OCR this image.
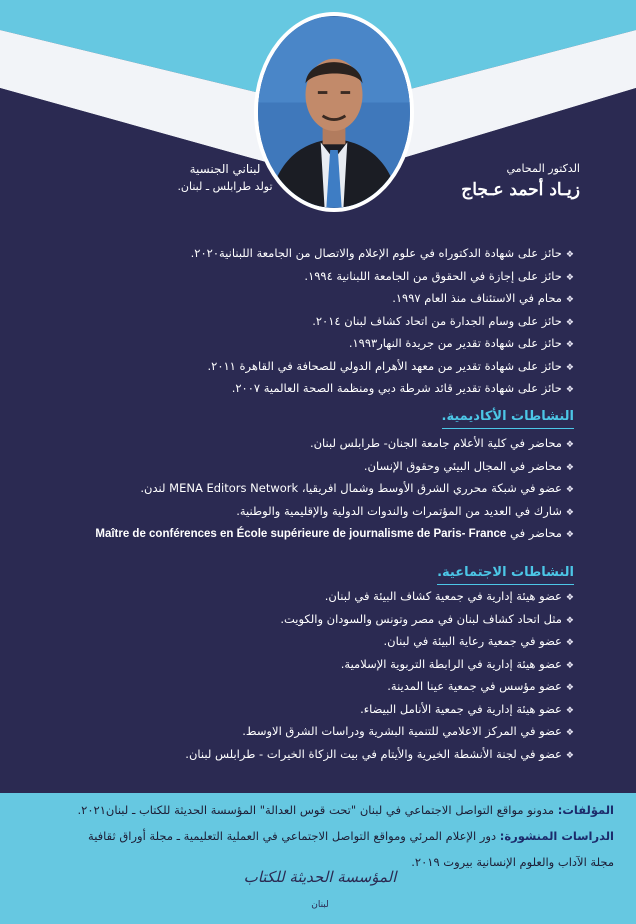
لبناني الجنسية
تولد طرابلس ـ لبنان.
الدكتور المحامي
زيـاد أحمد عـجاج
❖حائز على شهادة الدكتوراه في علوم الإعلام والاتصال من الجامعة اللبنانية٢٠٢٠.
❖حائز على إجازة في الحقوق من الجامعة اللبنانية ١٩٩٤.
❖محام في الاستئناف منذ العام ١٩٩٧.
❖حائز على وسام الجدارة من اتحاد كشاف لبنان ٢٠١٤.
❖حائز على شهادة تقدير من جريدة النهار١٩٩٣.
❖حائز على شهادة تقدير من معهد الأهرام الدولي للصحافة في القاهرة ٢٠١١.
❖حائز على شهادة تقدير قائد شرطة دبي ومنظمة الصحة العالمية ٢٠٠٧.
النشاطات الأكاديمية.
❖محاضر في كلية الأعلام جامعة الجنان- طرابلس لبنان.
❖محاضر في المجال البيئي وحقوق الإنسان.
❖عضو في شبكة محرري الشرق الأوسط وشمال افريقيا، MENA Editors Network لندن.
❖شارك في العديد من المؤتمرات والندوات الدولية والإقليمية والوطنية.
❖محاضر في Maître de conférences en École supérieure de journalisme de Paris- France
النشاطات الاجتماعية.
❖عضو هيئة إدارية في جمعية كشاف البيئة في لبنان.
❖مثل اتحاد كشاف لبنان في مصر وتونس والسودان والكويت.
❖عضو في جمعية رعاية البيئة في لبنان.
❖عضو هيئة إدارية في الرابطة التربوية الإسلامية.
❖عضو مؤسس في جمعية عينا المدينة.
❖عضو هيئة إدارية في جمعية الأنامل البيضاء.
❖عضو في المركز الاعلامي للتنمية البشرية ودراسات الشرق الاوسط.
❖عضو في لجنة الأنشطة الخيرية والأيتام في بيت الزكاة الخيرات - طرابلس لبنان.
المؤلفات: مدونو مواقع التواصل الاجتماعي في لبنان "تحت قوس العدالة" المؤسسة الحديثة للكتاب ـ لبنان٢٠٢١.
الدراسات المنشورة: دور الإعلام المرئي ومواقع التواصل الاجتماعي في العملية التعليمية ـ مجلة أوراق ثقافية
مجلة الآداب والعلوم الإنسانية بيروت ٢٠١٩.
المؤسسة الحديثة للكتاب
لبنان
